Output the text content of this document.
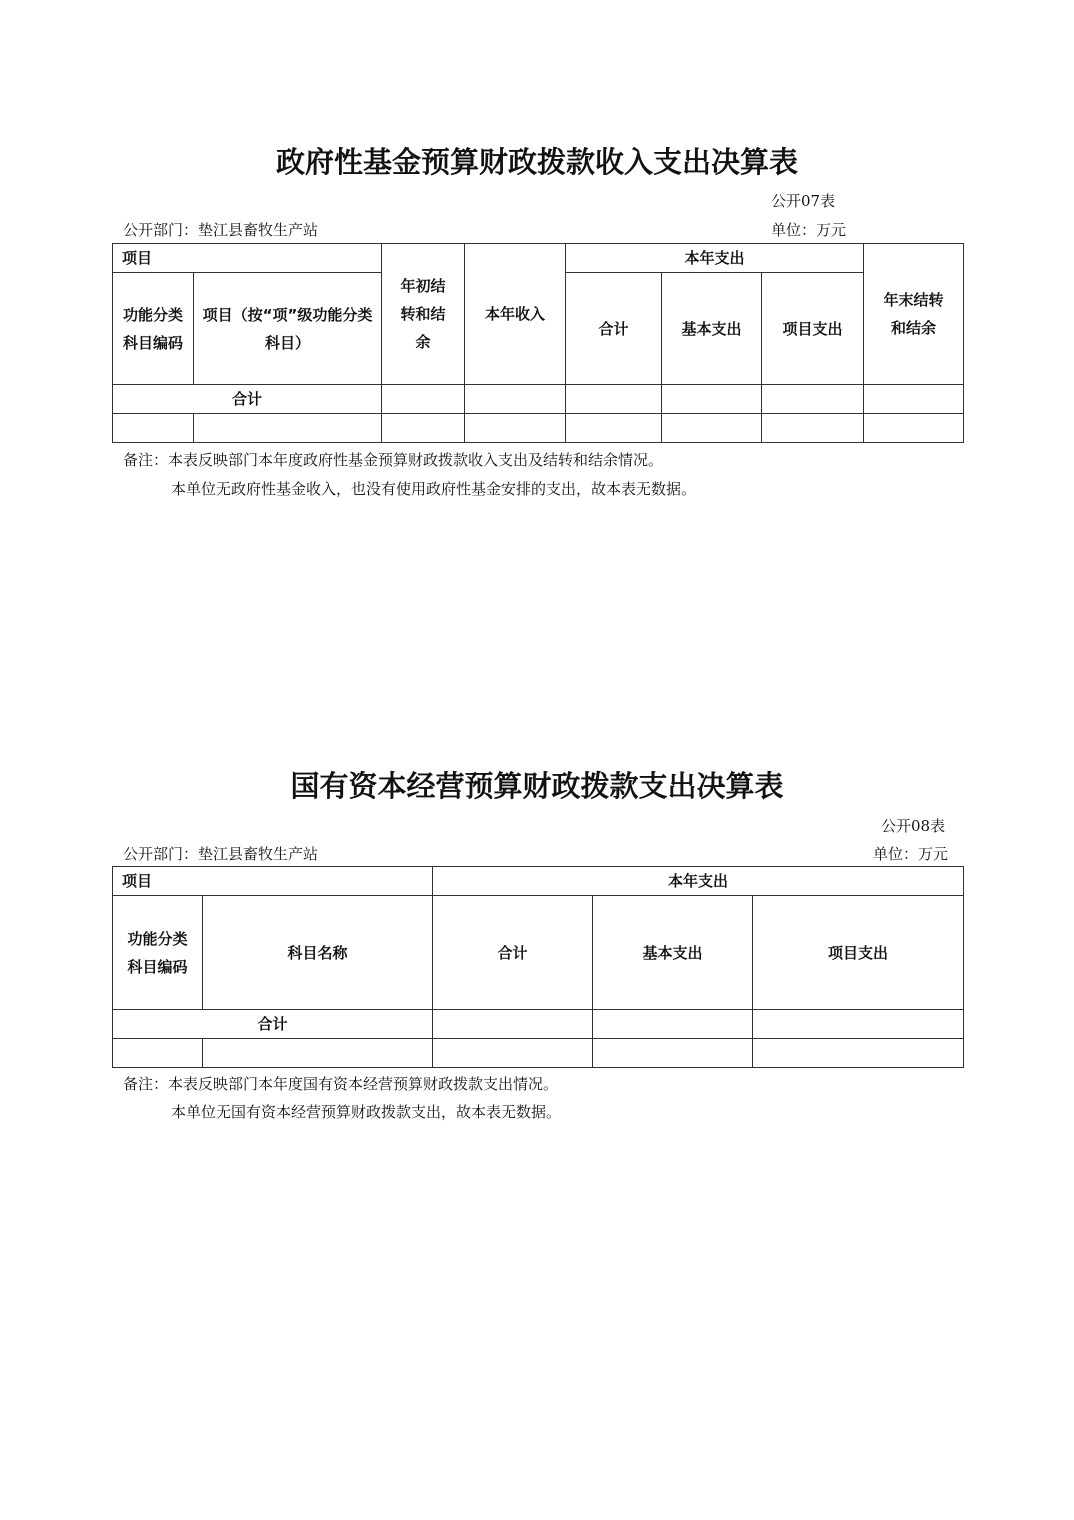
政府性基金预算财政拨款收入支出决算表
公开07表
公开部门：垫江县畜牧生产站	单位：万元
项目		年初结转和结余	本年收入	本年支出			年末结转和结余
功能分类科目编码	项目（按“项”级功能分类科目）			合计	基本支出	项目支出	
合计							

备注：本表反映部门本年度政府性基金预算财政拨款收入支出及结转和结余情况。
本单位无政府性基金收入，也没有使用政府性基金安排的支出，故本表无数据。
国有资本经营预算财政拨款支出决算表
公开08表
公开部门：垫江县畜牧生产站	单位：万元
项目		本年支出		
功能分类科目编码	科目名称	合计	基本支出	项目支出
合计				

备注：本表反映部门本年度国有资本经营预算财政拨款支出情况。
本单位无国有资本经营预算财政拨款支出，故本表无数据。
